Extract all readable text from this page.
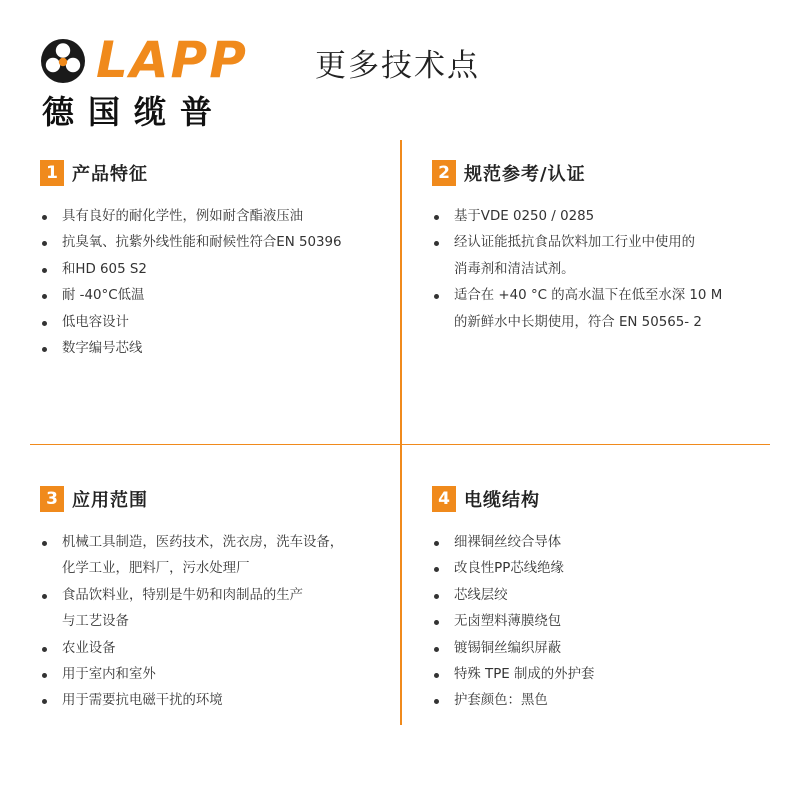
LAPP
德国缆普
更多技术点
1 产品特征
具有良好的耐化学性，例如耐含酯液压油
抗臭氧、抗紫外线性能和耐候性符合EN 50396
和HD 605 S2
耐 -40°C低温
低电容设计
数字编号芯线
2 规范参考/认证
基于VDE 0250 / 0285
经认证能抵抗食品饮料加工行业中使用的
消毒剂和清洁试剂。
适合在 +40 °C 的高水温下在低至水深 10 M
的新鲜水中长期使用，符合 EN 50565- 2
3 应用范围
机械工具制造，医药技术，洗衣房，洗车设备，
化学工业，肥料厂，污水处理厂
食品饮料业，特别是牛奶和肉制品的生产
与工艺设备
农业设备
用于室内和室外
用于需要抗电磁干扰的环境
4 电缆结构
细裸铜丝绞合导体
改良性PP芯线绝缘
芯线层绞
无卤塑料薄膜绕包
镀锡铜丝编织屏蔽
特殊 TPE 制成的外护套
护套颜色：黑色
